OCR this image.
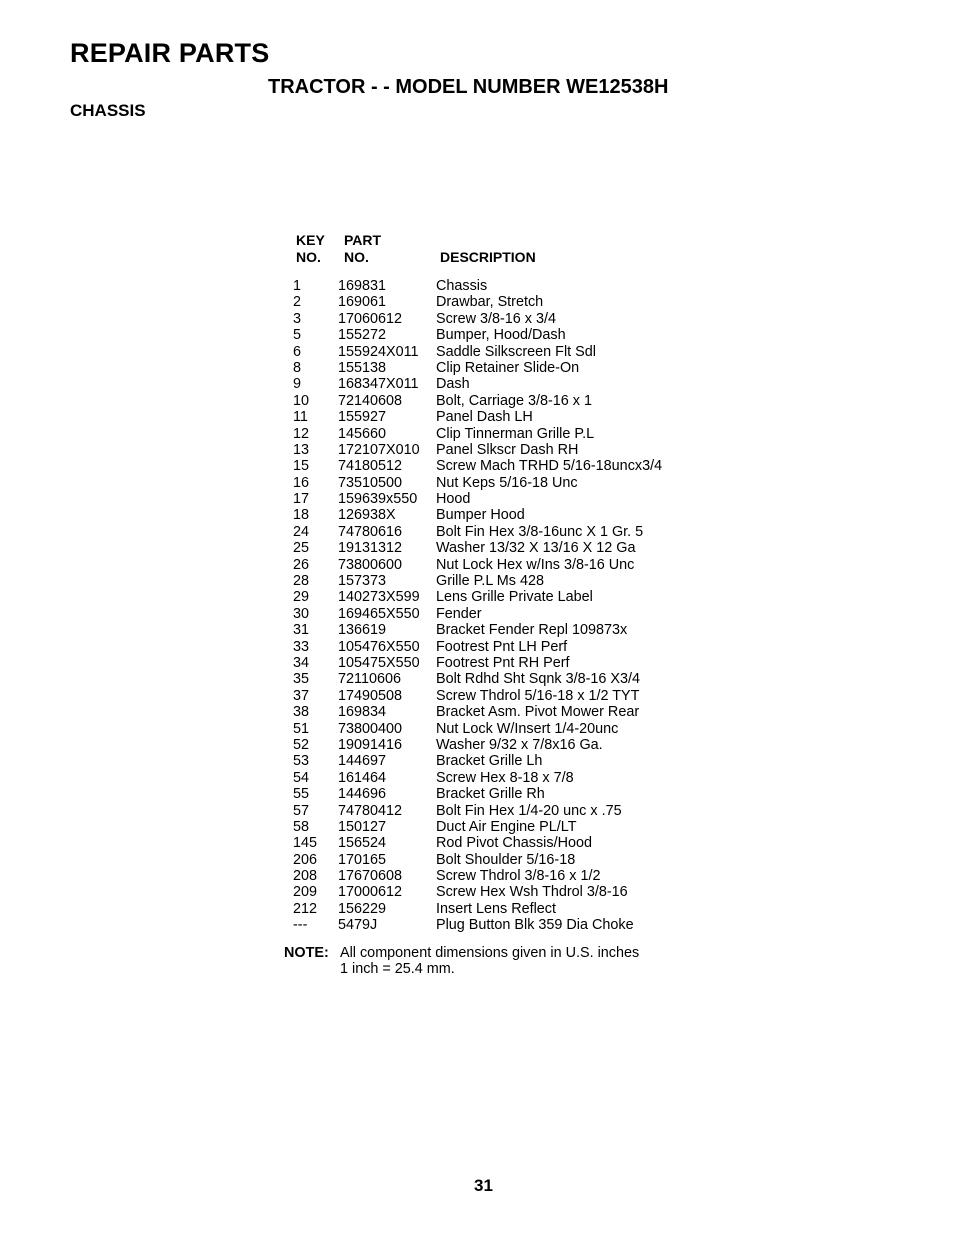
REPAIR PARTS
TRACTOR - - MODEL NUMBER WE12538H
CHASSIS
KEY
NO.
PART
NO.	DESCRIPTION
1	169831	Chassis
2	169061	Drawbar, Stretch
3	17060612 Screw 3/8-16 x 3/4
5	155272	Bumper, Hood/Dash
6	155924X011 Saddle Silkscreen Flt Sdl
8	155138	Clip Retainer Slide-On
9	168347X011 Dash
10 72140608 Bolt, Carriage 3/8-16 x 1
11 155927	Panel Dash LH
12 145660	Clip Tinnerman Grille P.L
13 172107X010 Panel Slkscr Dash RH
15 74180512 Screw Mach TRHD 5/16-18uncx3/4
16 73510500 Nut Keps 5/16-18 Unc
17 159639x550 Hood
18 126938X	Bumper Hood
24 74780616 Bolt Fin Hex 3/8-16unc X 1 Gr. 5
25 19131312 Washer 13/32 X 13/16 X 12 Ga
26 73800600 Nut Lock Hex w/Ins 3/8-16 Unc
28 157373	Grille P.L Ms 428
29 140273X599 Lens Grille Private Label
30 169465X550 Fender
31 136619	Bracket Fender Repl 109873x
33 105476X550 Footrest Pnt LH Perf
34 105475X550 Footrest Pnt RH Perf
35 72110606 Bolt Rdhd Sht Sqnk 3/8-16 X3/4
37 17490508 Screw Thdrol 5/16-18 x 1/2 TYT
38 169834	Bracket Asm. Pivot Mower Rear
51 73800400 Nut Lock W/Insert 1/4-20unc
52 19091416 Washer 9/32 x 7/8x16 Ga.
53 144697	Bracket Grille Lh
54 161464	Screw Hex 8-18 x 7/8
55 144696	Bracket Grille Rh
57 74780412 Bolt Fin Hex 1/4-20 unc x .75
58 150127	Duct Air Engine PL/LT
145 156524	Rod Pivot Chassis/Hood
206 170165	Bolt Shoulder 5/16-18
208 17670608 Screw Thdrol 3/8-16 x 1/2
209 17000612 Screw Hex Wsh Thdrol 3/8-16
212 156229	Insert Lens Reflect
--- 5479J	Plug Button Blk 359 Dia Choke
NOTE: All component dimensions given in U.S. inches
1 inch = 25.4 mm.
31
